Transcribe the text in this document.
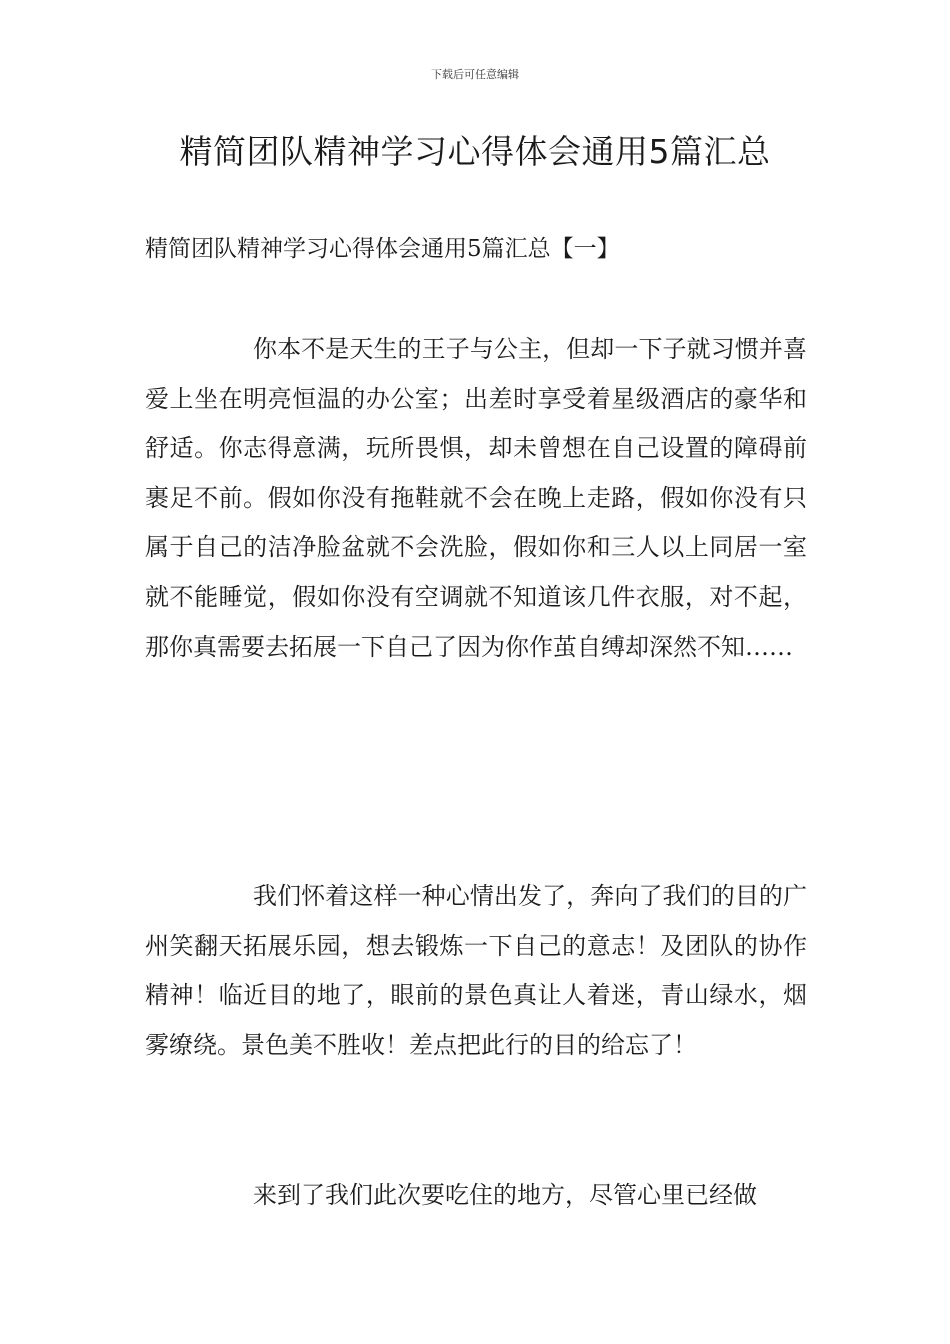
下载后可任意编辑
精简团队精神学习心得体会通用5篇汇总
精简团队精神学习心得体会通用5篇汇总【一】

你本不是天生的王子与公主，但却一下子就习惯并喜爱上坐在明亮恒温的办公室；出差时享受着星级酒店的豪华和舒适。你志得意满，玩所畏惧，却未曾想在自己设置的障碍前裹足不前。假如你没有拖鞋就不会在晚上走路，假如你没有只属于自己的洁净脸盆就不会洗脸，假如你和三人以上同居一室就不能睡觉，假如你没有空调就不知道该几件衣服，对不起，那你真需要去拓展一下自己了因为你作茧自缚却深然不知……

我们怀着这样一种心情出发了，奔向了我们的目的广州笑翻天拓展乐园，想去锻炼一下自己的意志！及团队的协作精神！临近目的地了，眼前的景色真让人着迷，青山绿水，烟雾缭绕。景色美不胜收！差点把此行的目的给忘了！

来到了我们此次要吃住的地方，尽管心里已经做
